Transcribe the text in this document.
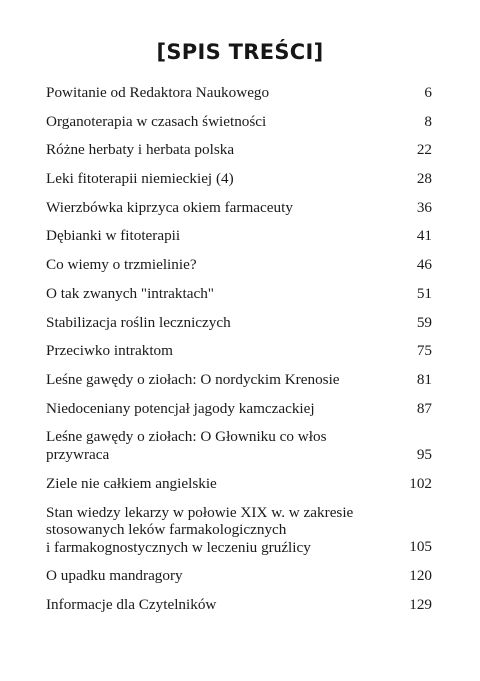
[SPIS TREŚCI]
Powitanie od Redaktora Naukowego	6
Organoterapia w czasach świetności	8
Różne herbaty i herbata polska	22
Leki fitoterapii niemieckiej (4)	28
Wierzbówka kiprzyca okiem farmaceuty	36
Dębianki w fitoterapii	41
Co wiemy o trzmielinie?	46
O tak zwanych "intraktach"	51
Stabilizacja roślin leczniczych	59
Przeciwko intraktom	75
Leśne gawędy o ziołach: O nordyckim Krenosie	81
Niedoceniany potencjał jagody kamczackiej	87
Leśne gawędy o ziołach: O Głowniku co włos przywraca	95
Ziele nie całkiem angielskie	102
Stan wiedzy lekarzy w połowie XIX w. w zakresie
stosowanych leków farmakologicznych
i farmakognostycznych w leczeniu gruźlicy	105
O upadku mandragory	120
Informacje dla Czytelników	129
